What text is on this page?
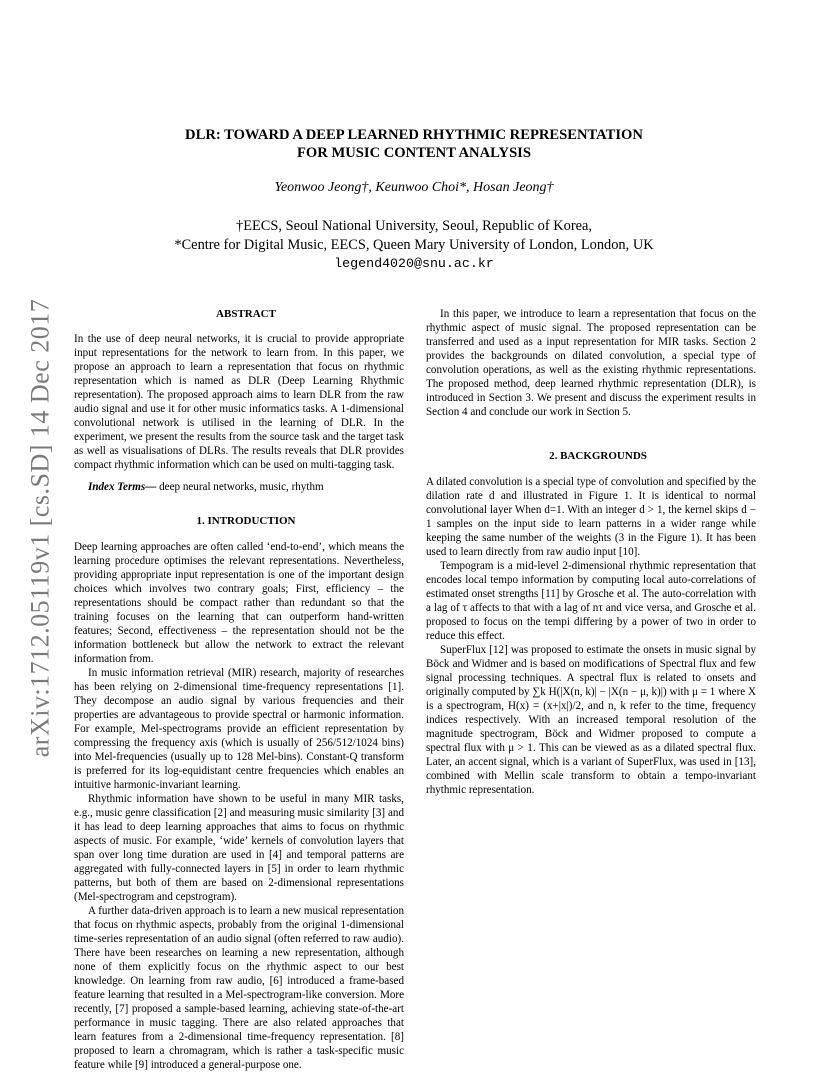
arXiv:1712.05119v1 [cs.SD] 14 Dec 2017
DLR: TOWARD A DEEP LEARNED RHYTHMIC REPRESENTATION
FOR MUSIC CONTENT ANALYSIS
Yeonwoo Jeong†, Keunwoo Choi*, Hosan Jeong†
†EECS, Seoul National University, Seoul, Republic of Korea,
*Centre for Digital Music, EECS, Queen Mary University of London, London, UK
legend4020@snu.ac.kr

ABSTRACT

In the use of deep neural networks, it is crucial to provide appropriate input representations for the network to learn from. In this paper, we propose an approach to learn a representation that focus on rhythmic representation which is named as DLR (Deep Learning Rhythmic representation). The proposed approach aims to learn DLR from the raw audio signal and use it for other music informatics tasks. A 1-dimensional convolutional network is utilised in the learning of DLR. In the experiment, we present the results from the source task and the target task as well as visualisations of DLRs. The results reveals that DLR provides compact rhythmic information which can be used on multi-tagging task.

Index Terms— deep neural networks, music, rhythm

1. INTRODUCTION

Deep learning approaches are often called ‘end-to-end’, which means the learning procedure optimises the relevant representations. Nevertheless, providing appropriate input representation is one of the important design choices which involves two contrary goals; First, efficiency – the representations should be compact rather than redundant so that the training focuses on the learning that can outperform hand-written features; Second, effectiveness – the representation should not be the information bottleneck but allow the network to extract the relevant information from.

In music information retrieval (MIR) research, majority of researches has been relying on 2-dimensional time-frequency representations [1]. They decompose an audio signal by various frequencies and their properties are advantageous to provide spectral or harmonic information. For example, Mel-spectrograms provide an efficient representation by compressing the frequency axis (which is usually of 256/512/1024 bins) into Mel-frequencies (usually up to 128 Mel-bins). Constant-Q transform is preferred for its log-equidistant centre frequencies which enables an intuitive harmonic-invariant learning.

Rhythmic information have shown to be useful in many MIR tasks, e.g., music genre classification [2] and measuring music similarity [3] and it has lead to deep learning approaches that aims to focus on rhythmic aspects of music. For example, ‘wide’ kernels of convolution layers that span over long time duration are used in [4] and temporal patterns are aggregated with fully-connected layers in [5] in order to learn rhythmic patterns, but both of them are based on 2-dimensional representations (Mel-spectrogram and cepstrogram).

A further data-driven approach is to learn a new musical representation that focus on rhythmic aspects, probably from the original 1-dimensional time-series representation of an audio signal (often referred to raw audio). There have been researches on learning a new representation, although none of them explicitly focus on the rhythmic aspect to our best knowledge. On learning from raw audio, [6] introduced a frame-based feature learning that resulted in a Mel-spectrogram-like conversion. More recently, [7] proposed a sample-based learning, achieving state-of-the-art performance in music tagging. There are also related approaches that learn features from a 2-dimensional time-frequency representation. [8] proposed to learn a chromagram, which is rather a task-specific music feature while [9] introduced a general-purpose one.

In this paper, we introduce to learn a representation that focus on the rhythmic aspect of music signal. The proposed representation can be transferred and used as a input representation for MIR tasks. Section 2 provides the backgrounds on dilated convolution, a special type of convolution operations, as well as the existing rhythmic representations. The proposed method, deep learned rhythmic representation (DLR), is introduced in Section 3. We present and discuss the experiment results in Section 4 and conclude our work in Section 5.

2. BACKGROUNDS

A dilated convolution is a special type of convolution and specified by the dilation rate d and illustrated in Figure 1. It is identical to normal convolutional layer When d=1. With an integer d > 1, the kernel skips d − 1 samples on the input side to learn patterns in a wider range while keeping the same number of the weights (3 in the Figure 1). It has been used to learn directly from raw audio input [10].

Tempogram is a mid-level 2-dimensional rhythmic representation that encodes local tempo information by computing local auto-correlations of estimated onset strengths [11] by Grosche et al. The auto-correlation with a lag of τ affects to that with a lag of nτ and vice versa, and Grosche et al. proposed to focus on the tempi differing by a power of two in order to reduce this effect.

SuperFlux [12] was proposed to estimate the onsets in music signal by Böck and Widmer and is based on modifications of Spectral flux and few signal processing techniques. A spectral flux is related to onsets and originally computed by ∑k H(|X(n, k)| − |X(n − μ, k)|) with μ = 1 where X is a spectrogram, H(x) = (x+|x|)/2, and n, k refer to the time, frequency indices respectively. With an increased temporal resolution of the magnitude spectrogram, Böck and Widmer proposed to compute a spectral flux with μ > 1. This can be viewed as as a dilated spectral flux. Later, an accent signal, which is a variant of SuperFlux, was used in [13], combined with Mellin scale transform to obtain a tempo-invariant rhythmic representation.
